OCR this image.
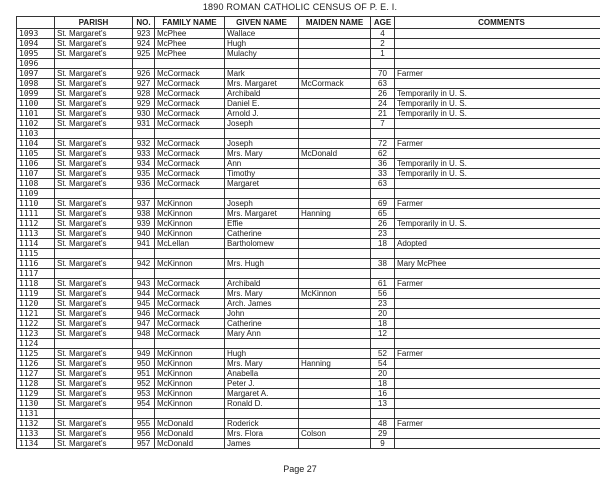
1890 ROMAN CATHOLIC CENSUS OF P. E. I.
	PARISH	NO.	FAMILY NAME	GIVEN NAME	MAIDEN NAME	AGE	COMMENTS
1093	St. Margaret's	923	McPhee	Wallace		4	
1094	St. Margaret's	924	McPhee	Hugh		2	
1095	St. Margaret's	925	McPhee	Mulachy		1	
1096							
1097	St. Margaret's	926	McCormack	Mark		70	Farmer
1098	St. Margaret's	927	McCormack	Mrs. Margaret	McCormack	63	
1099	St. Margaret's	928	McCormack	Archibald		26	Temporarily in U. S.
1100	St. Margaret's	929	McCormack	Daniel E.		24	Temporarily in U. S.
1101	St. Margaret's	930	McCormack	Arnold J.		21	Temporarily in U. S.
1102	St. Margaret's	931	McCormack	Joseph		7	
1103							
1104	St. Margaret's	932	McCormack	Joseph		72	Farmer
1105	St. Margaret's	933	McCormack	Mrs. Mary	McDonald	62	
1106	St. Margaret's	934	McCormack	Ann		36	Temporarily in U. S.
1107	St. Margaret's	935	McCormack	Timothy		33	Temporarily in U. S.
1108	St. Margaret's	936	McCormack	Margaret		63	
1109							
1110	St. Margaret's	937	McKinnon	Joseph		69	Farmer
1111	St. Margaret's	938	McKinnon	Mrs. Margaret	Hanning	65	
1112	St. Margaret's	939	McKinnon	Effie		26	Temporarily in U. S.
1113	St. Margaret's	940	McKinnon	Catherine		23	
1114	St. Margaret's	941	McLellan	Bartholomew		18	Adopted
1115							
1116	St. Margaret's	942	McKinnon	Mrs. Hugh		38	Mary McPhee
1117							
1118	St. Margaret's	943	McCormack	Archibald		61	Farmer
1119	St. Margaret's	944	McCormack	Mrs. Mary	McKinnon	56	
1120	St. Margaret's	945	McCormack	Arch. James		23	
1121	St. Margaret's	946	McCormack	John		20	
1122	St. Margaret's	947	McCormack	Catherine		18	
1123	St. Margaret's	948	McCormack	Mary Ann		12	
1124							
1125	St. Margaret's	949	McKinnon	Hugh		52	Farmer
1126	St. Margaret's	950	McKinnon	Mrs. Mary	Hanning	54	
1127	St. Margaret's	951	McKinnon	Anabella		20	
1128	St. Margaret's	952	McKinnon	Peter J.		18	
1129	St. Margaret's	953	McKinnon	Margaret A.		16	
1130	St. Margaret's	954	McKinnon	Ronald D.		13	
1131							
1132	St. Margaret's	955	McDonald	Roderick		48	Farmer
1133	St. Margaret's	956	McDonald	Mrs. Flora	Colson	29	
1134	St. Margaret's	957	McDonald	James		9	
Page 27
